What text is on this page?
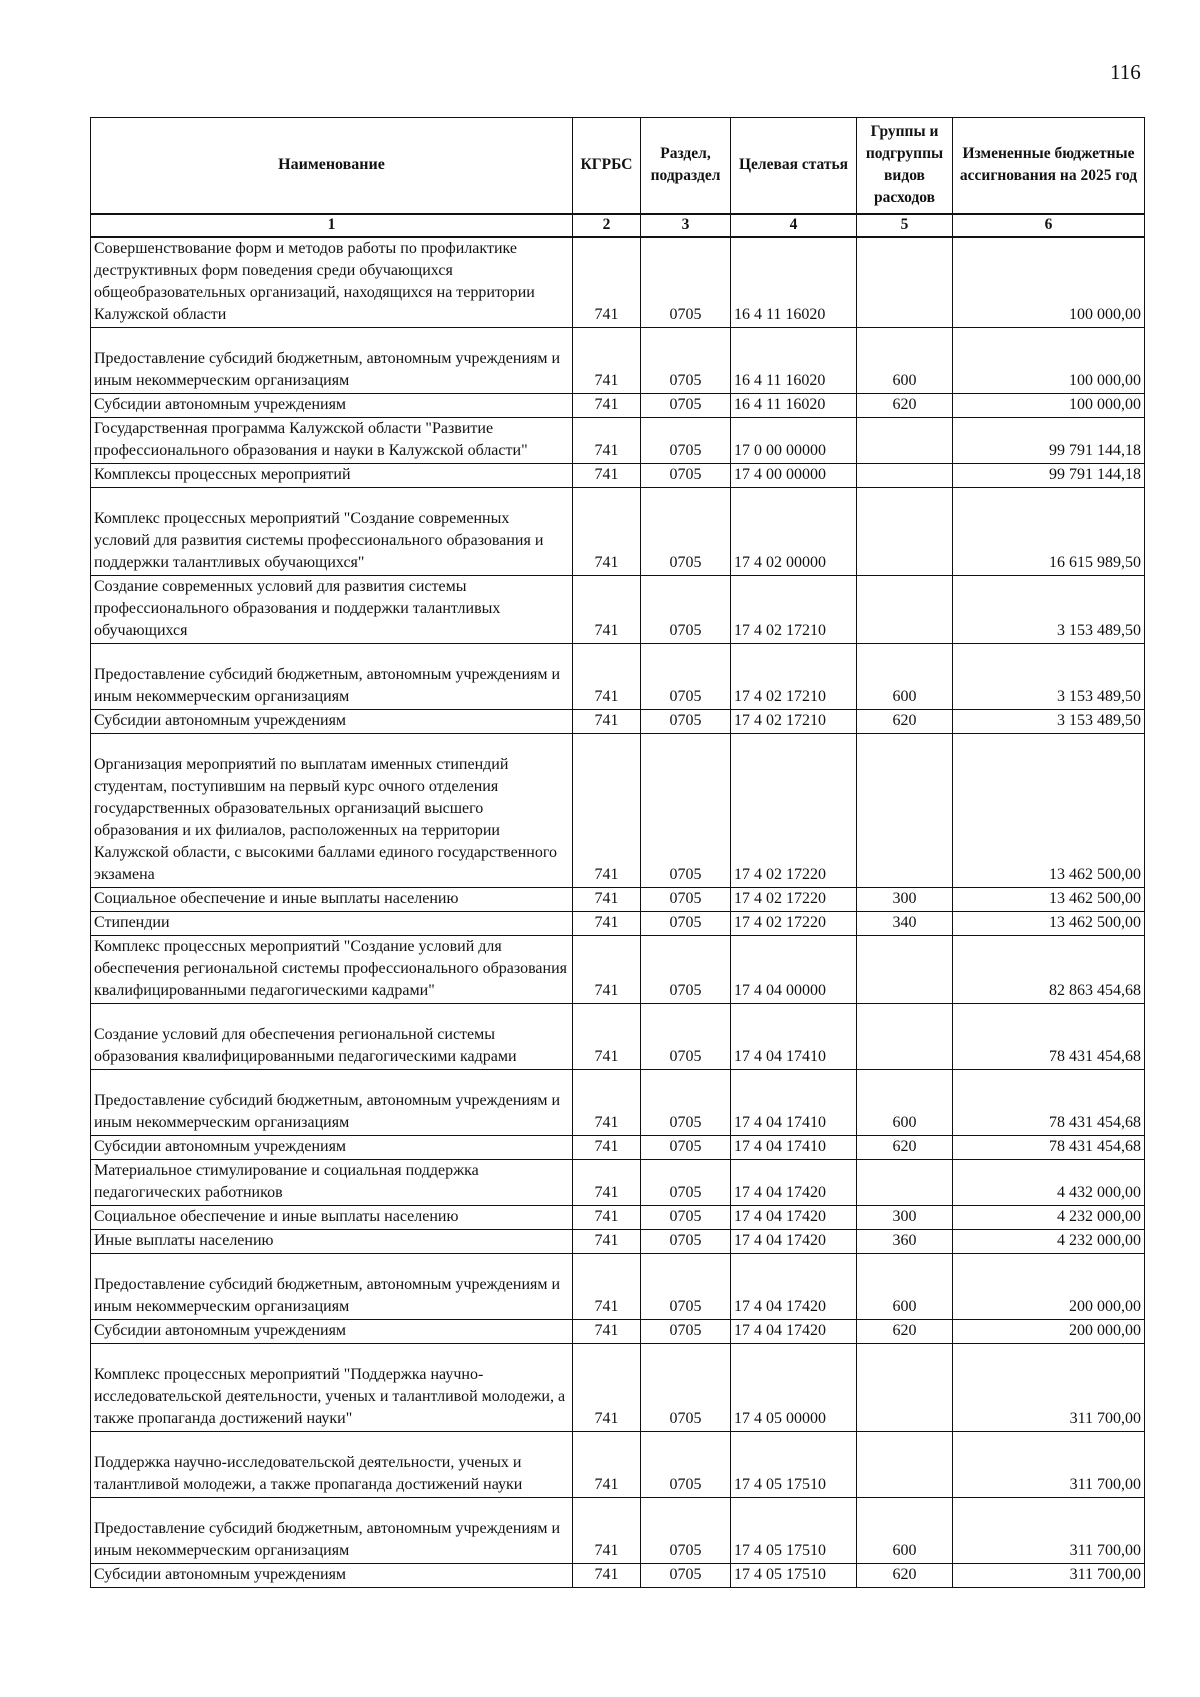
116
Наименование	КГРБС	Раздел, подраздел	Целевая статья	Группы и подгруппы видов расходов	Измененные бюджетные ассигнования на 2025 год
1	2	3	4	5	6
Совершенствование форм и методов работы по профилактике деструктивных форм поведения среди обучающихся общеобразовательных организаций, находящихся на территории Калужской области	741	0705	16 4 11 16020		100 000,00
Предоставление субсидий бюджетным, автономным учреждениям и иным некоммерческим организациям	741	0705	16 4 11 16020	600	100 000,00
Субсидии автономным учреждениям	741	0705	16 4 11 16020	620	100 000,00
Государственная программа Калужской области "Развитие профессионального образования и науки в Калужской области"	741	0705	17 0 00 00000		99 791 144,18
Комплексы процессных мероприятий	741	0705	17 4 00 00000		99 791 144,18
Комплекс процессных мероприятий "Создание современных условий для развития системы профессионального образования и поддержки талантливых обучающихся"	741	0705	17 4 02 00000		16 615 989,50
Создание современных условий для развития системы профессионального образования и поддержки талантливых обучающихся	741	0705	17 4 02 17210		3 153 489,50
Предоставление субсидий бюджетным, автономным учреждениям и иным некоммерческим организациям	741	0705	17 4 02 17210	600	3 153 489,50
Субсидии автономным учреждениям	741	0705	17 4 02 17210	620	3 153 489,50
Организация мероприятий по выплатам именных стипендий студентам, поступившим на первый курс очного отделения государственных образовательных организаций высшего образования и их филиалов, расположенных на территории Калужской области, с высокими баллами единого государственного экзамена	741	0705	17 4 02 17220		13 462 500,00
Социальное обеспечение и иные выплаты населению	741	0705	17 4 02 17220	300	13 462 500,00
Стипендии	741	0705	17 4 02 17220	340	13 462 500,00
Комплекс процессных мероприятий "Создание условий для обеспечения региональной системы профессионального образования квалифицированными педагогическими кадрами"	741	0705	17 4 04 00000		82 863 454,68
Создание условий для обеспечения региональной системы образования квалифицированными педагогическими кадрами	741	0705	17 4 04 17410		78 431 454,68
Предоставление субсидий бюджетным, автономным учреждениям и иным некоммерческим организациям	741	0705	17 4 04 17410	600	78 431 454,68
Субсидии автономным учреждениям	741	0705	17 4 04 17410	620	78 431 454,68
Материальное стимулирование и социальная поддержка педагогических работников	741	0705	17 4 04 17420		4 432 000,00
Социальное обеспечение и иные выплаты населению	741	0705	17 4 04 17420	300	4 232 000,00
Иные выплаты населению	741	0705	17 4 04 17420	360	4 232 000,00
Предоставление субсидий бюджетным, автономным учреждениям и иным некоммерческим организациям	741	0705	17 4 04 17420	600	200 000,00
Субсидии автономным учреждениям	741	0705	17 4 04 17420	620	200 000,00
Комплекс процессных мероприятий "Поддержка научно-исследовательской деятельности, ученых и талантливой молодежи, а также пропаганда достижений науки"	741	0705	17 4 05 00000		311 700,00
Поддержка научно-исследовательской деятельности, ученых и талантливой молодежи, а также пропаганда достижений науки	741	0705	17 4 05 17510		311 700,00
Предоставление субсидий бюджетным, автономным учреждениям и иным некоммерческим организациям	741	0705	17 4 05 17510	600	311 700,00
Субсидии автономным учреждениям	741	0705	17 4 05 17510	620	311 700,00
